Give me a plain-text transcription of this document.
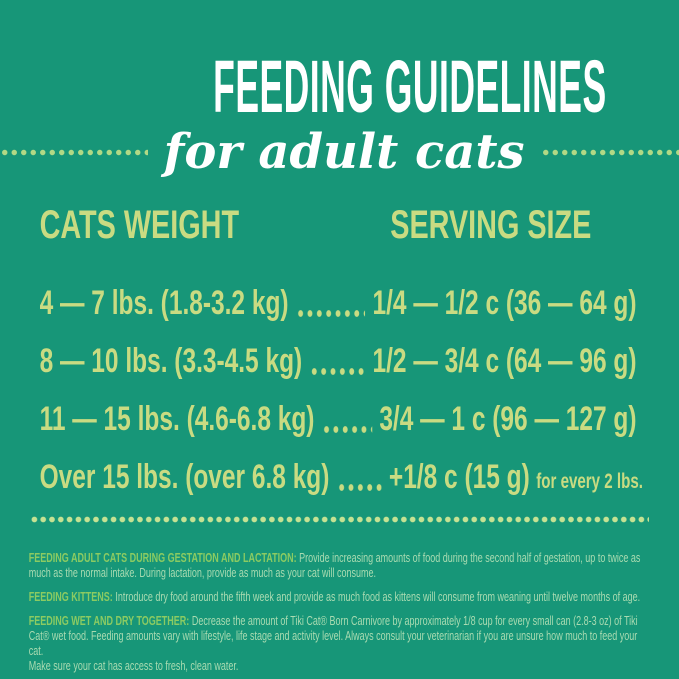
FEEDING GUIDELINES
for adult cats

CATS WEIGHT	SERVING SIZE

4 — 7 lbs. (1.8-3.2 kg) 1/4 — 1/2 c (36 — 64 g)
8 — 10 lbs. (3.3-4.5 kg) 1/2 — 3/4 c (64 — 96 g)
11 — 15 lbs. (4.6-6.8 kg) 3/4 — 1 c (96 — 127 g)
Over 15 lbs. (over 6.8 kg) +1/8 c (15 g) for every 2 lbs.

FEEDING ADULT CATS DURING GESTATION AND LACTATION: Provide increasing amounts of food during the second half of gestation, up to twice as much as the normal intake. During lactation, provide as much as your cat will consume.

FEEDING KITTENS: Introduce dry food around the fifth week and provide as much food as kittens will consume from weaning until twelve months of age.

FEEDING WET AND DRY TOGETHER: Decrease the amount of Tiki Cat® Born Carnivore by approximately 1/8 cup for every small can (2.8-3 oz) of Tiki Cat® wet food. Feeding amounts vary with lifestyle, life stage and activity level. Always consult your veterinarian if you are unsure how much to feed your cat.
Make sure your cat has access to fresh, clean water.
